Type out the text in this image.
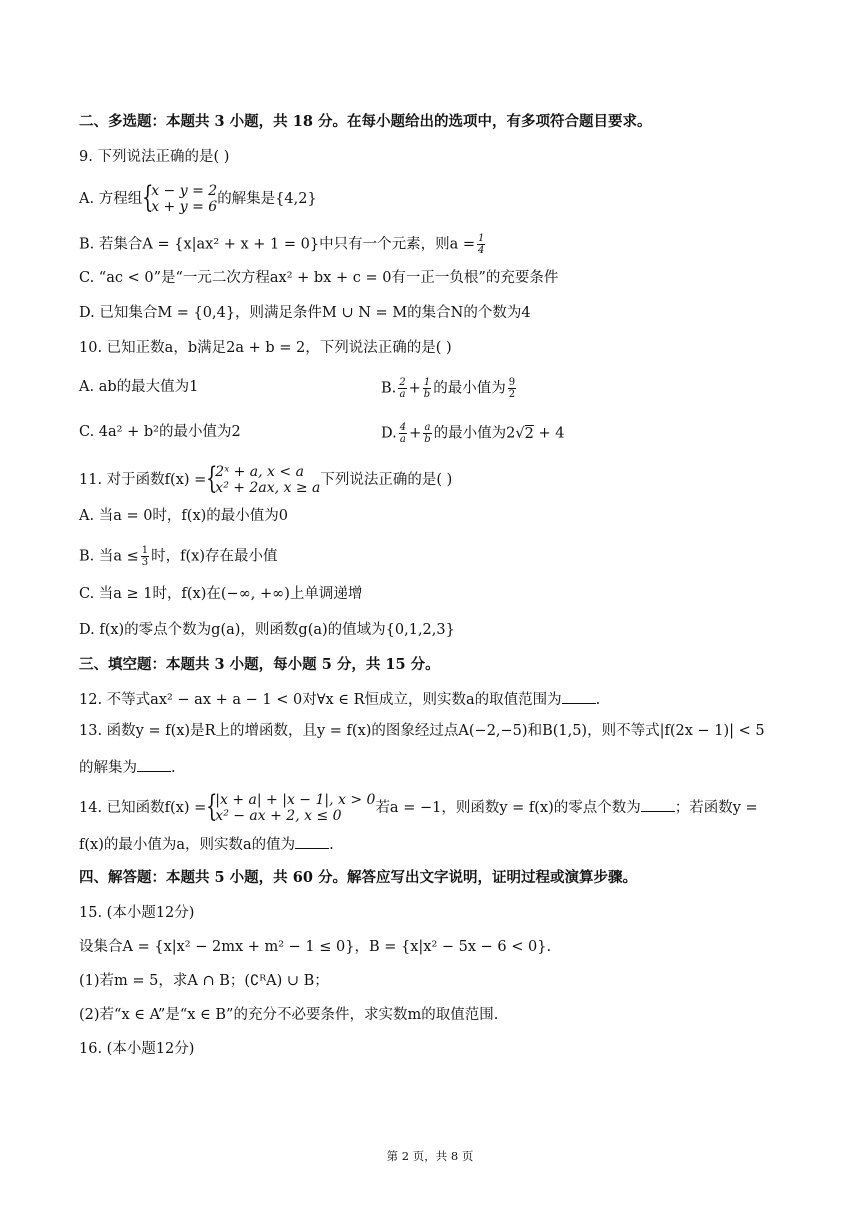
二、多选题：本题共 3 小题，共 18 分。在每小题给出的选项中，有多项符合题目要求。
9. 下列说法正确的是( )
A. 方程组 {
x − y = 2
x + y = 6 的解集是{4,2}
B. 若集合A = {x|ax² + x + 1 = 0}中只有一个元素，则$a = \frac{1}{4}$
C. “ac < 0”是“一元二次方程ax² + bx + c = 0有一正一负根”的充要条件
D. 已知集合M = {0,4}，则满足条件M ∪ N = M的集合N的个数为4
10. 已知正数a，b满足2a + b = 2，下列说法正确的是( )
A. ab的最大值为1	B. $\frac{2}{a} + \frac{1}{b}$ 的最小值为 $\frac{9}{2}$
C. 4a² + b²的最小值为2	D. $\frac{4}{a} + \frac{a}{b}$ 的最小值为2√2 + 4
11. 对于函数f(x) = {
2ˣ + a, x < a
x² + 2ax, x ≥ a 下列说法正确的是( )
A. 当a = 0时，f(x)的最小值为0
B. 当$a \le \frac{1}{3}$ 时，f(x)存在最小值
C. 当a ≥ 1时，f(x)在(−∞, +∞)上单调递增
D. f(x)的零点个数为g(a)，则函数g(a)的值域为{0,1,2,3}
三、填空题：本题共 3 小题，每小题 5 分，共 15 分。
12. 不等式ax² − ax + a − 1 < 0对∀x ∈ R恒成立，则实数a的取值范围为 .
13. 函数y = f(x)是R上的增函数，且y = f(x)的图象经过点A(−2,−5)和B(1,5)，则不等式|f(2x − 1)| < 5
的解集为 .
14. 已知函数f(x) = {
|x + a| + |x − 1|, x > 0
x² − ax + 2, x ≤ 0	若a = −1，则函数y = f(x)的零点个数为 ；若函数y =
f(x)的最小值为a，则实数a的值为 .
四、解答题：本题共 5 小题，共 60 分。解答应写出文字说明，证明过程或演算步骤。
15. (本小题12分)
设集合A = {x|x² − 2mx + m² − 1 ≤ 0}，B = {x|x² − 5x − 6 < 0}.
(1)若m = 5，求A ∩ B；(∁ᴿA) ∪ B；
(2)若“x ∈ A”是“x ∈ B”的充分不必要条件，求实数m的取值范围.
16. (本小题12分)
第 2 页，共 8 页
